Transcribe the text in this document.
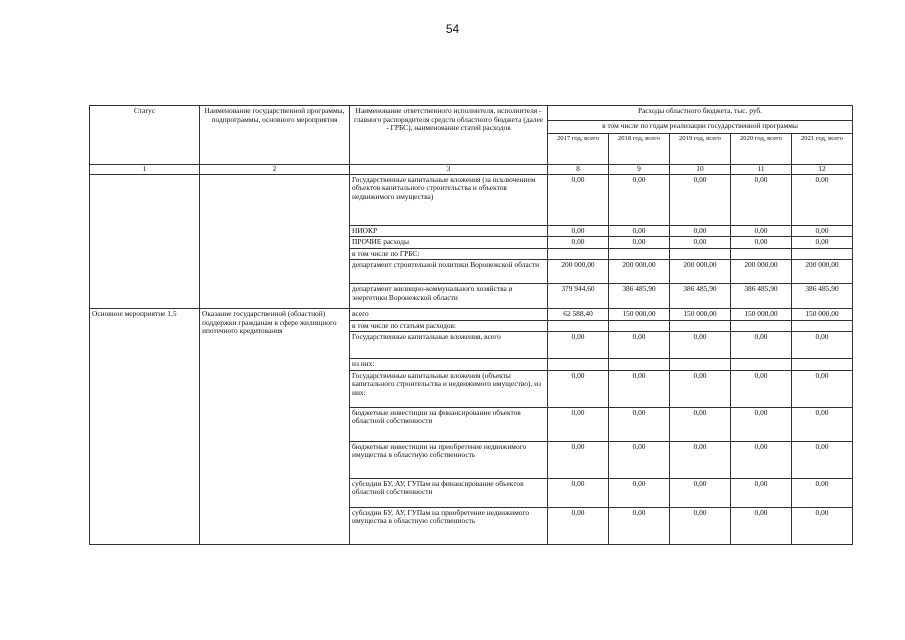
54
Статус	Наименование государственной программы, подпрограммы, основного мероприятия	Наименование ответственного исполнителя, исполнителя - главного распорядителя средств областного бюджета (далее - ГРБС), наименование статей расходов	Расходы областного бюджета, тыс. руб.				
			в том числе по годам реализации государственной программы				
			2017 год, всего	2018 год, всего	2019 год, всего	2020 год, всего	2021 год, всего
1	2	3	8	9	10	11	12
		Государственные капитальные вложения (за исключением объектов капитального строительства и объектов недвижимого имущества)	0,00	0,00	0,00	0,00	0,00
		НИОКР	0,00	0,00	0,00	0,00	0,00
		ПРОЧИЕ расходы	0,00	0,00	0,00	0,00	0,00
		в том числе по ГРБС:					
		департамент строительной политики Воронежской области	200 000,00	200 000,00	200 000,00	200 000,00	200 000,00
		департамент жилищно-коммунального хозяйства и энергетики Воронежской области	379 944,60	386 485,90	386 485,90	386 485,90	386 485,90
Основное мероприятие 1.5	Оказание государственной (областной) поддержки гражданам в сфере жилищного ипотечного кредитования	всего	62 588,40	150 000,00	150 000,00	150 000,00	150 000,00
		в том числе по статьям расходов:					
		Государственные капитальные вложения, всего	0,00	0,00	0,00	0,00	0,00
		из них:					
		Государственные капитальные вложения (объекты капитального строительства и недвижимого имущество), из них:	0,00	0,00	0,00	0,00	0,00
		бюджетные инвестиции на финансирование объектов областной собственности	0,00	0,00	0,00	0,00	0,00
		бюджетные инвестиции на приобретение недвижимого имущества в областную собственность	0,00	0,00	0,00	0,00	0,00
		субсидии БУ, АУ, ГУПам на финансирование объектов областной собственности	0,00	0,00	0,00	0,00	0,00
		субсидии БУ, АУ, ГУПам на приобретение недвижимого имущества в областную собственность	0,00	0,00	0,00	0,00	0,00
